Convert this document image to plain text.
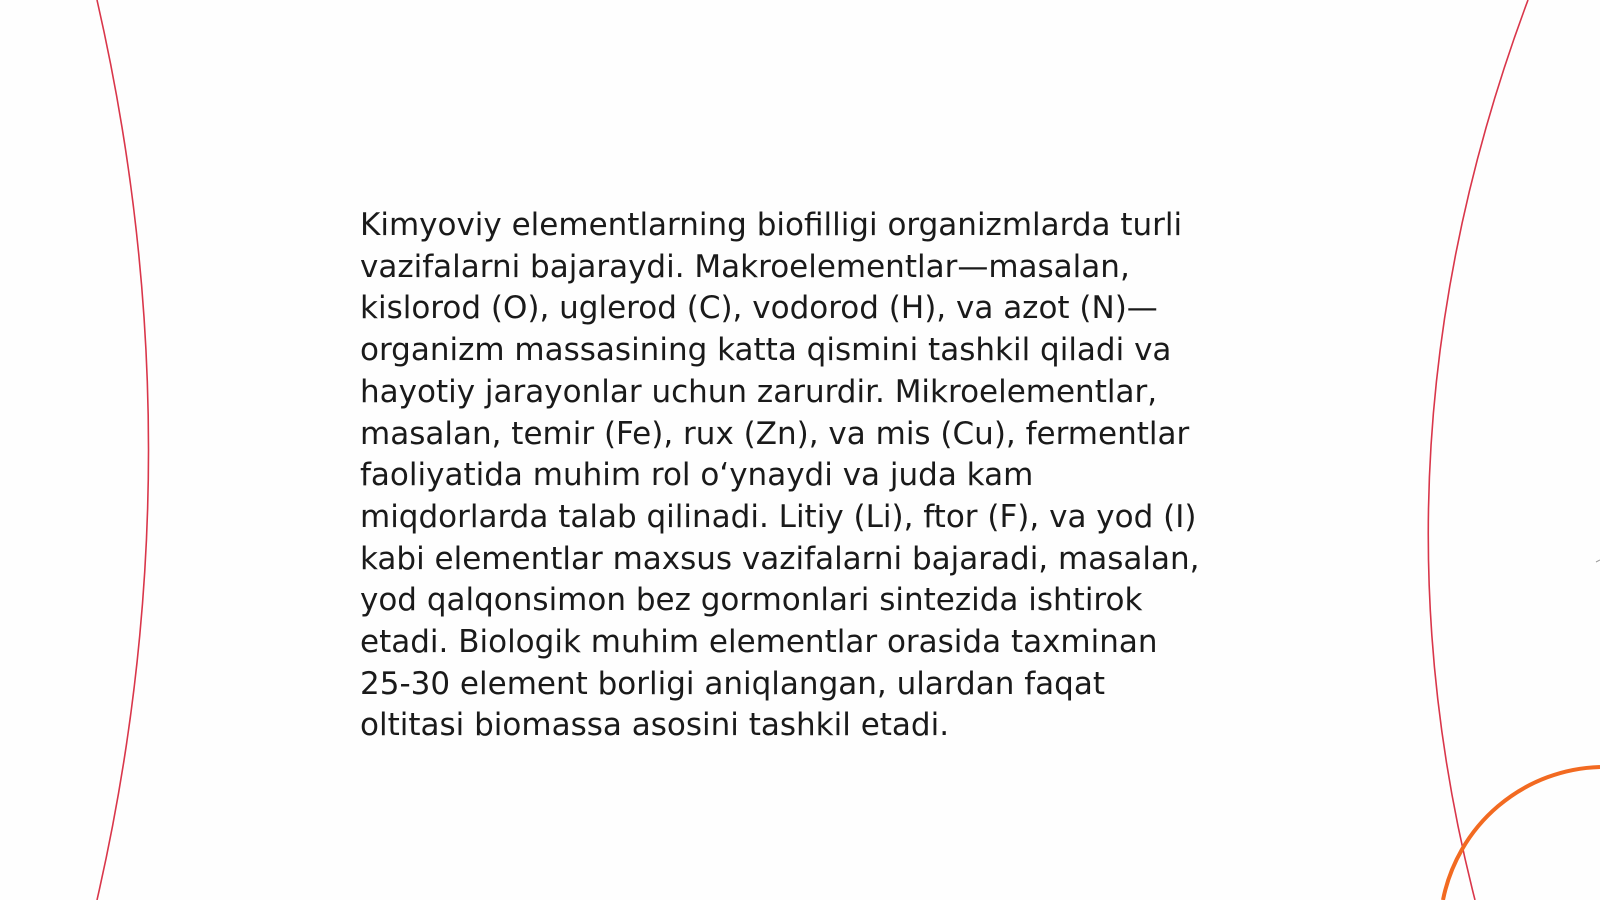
Kimyoviy elementlarning biofilligi organizmlarda turli
vazifalarni bajaraydi. Makroelementlar—masalan,
kislorod (O), uglerod (C), vodorod (H), va azot (N)—
organizm massasining katta qismini tashkil qiladi va
hayotiy jarayonlar uchun zarurdir. Mikroelementlar,
masalan, temir (Fe), rux (Zn), va mis (Cu), fermentlar
faoliyatida muhim rol o‘ynaydi va juda kam
miqdorlarda talab qilinadi. Litiy (Li), ftor (F), va yod (I)
kabi elementlar maxsus vazifalarni bajaradi, masalan,
yod qalqonsimon bez gormonlari sintezida ishtirok
etadi. Biologik muhim elementlar orasida taxminan
25-30 element borligi aniqlangan, ulardan faqat
oltitasi biomassa asosini tashkil etadi.
